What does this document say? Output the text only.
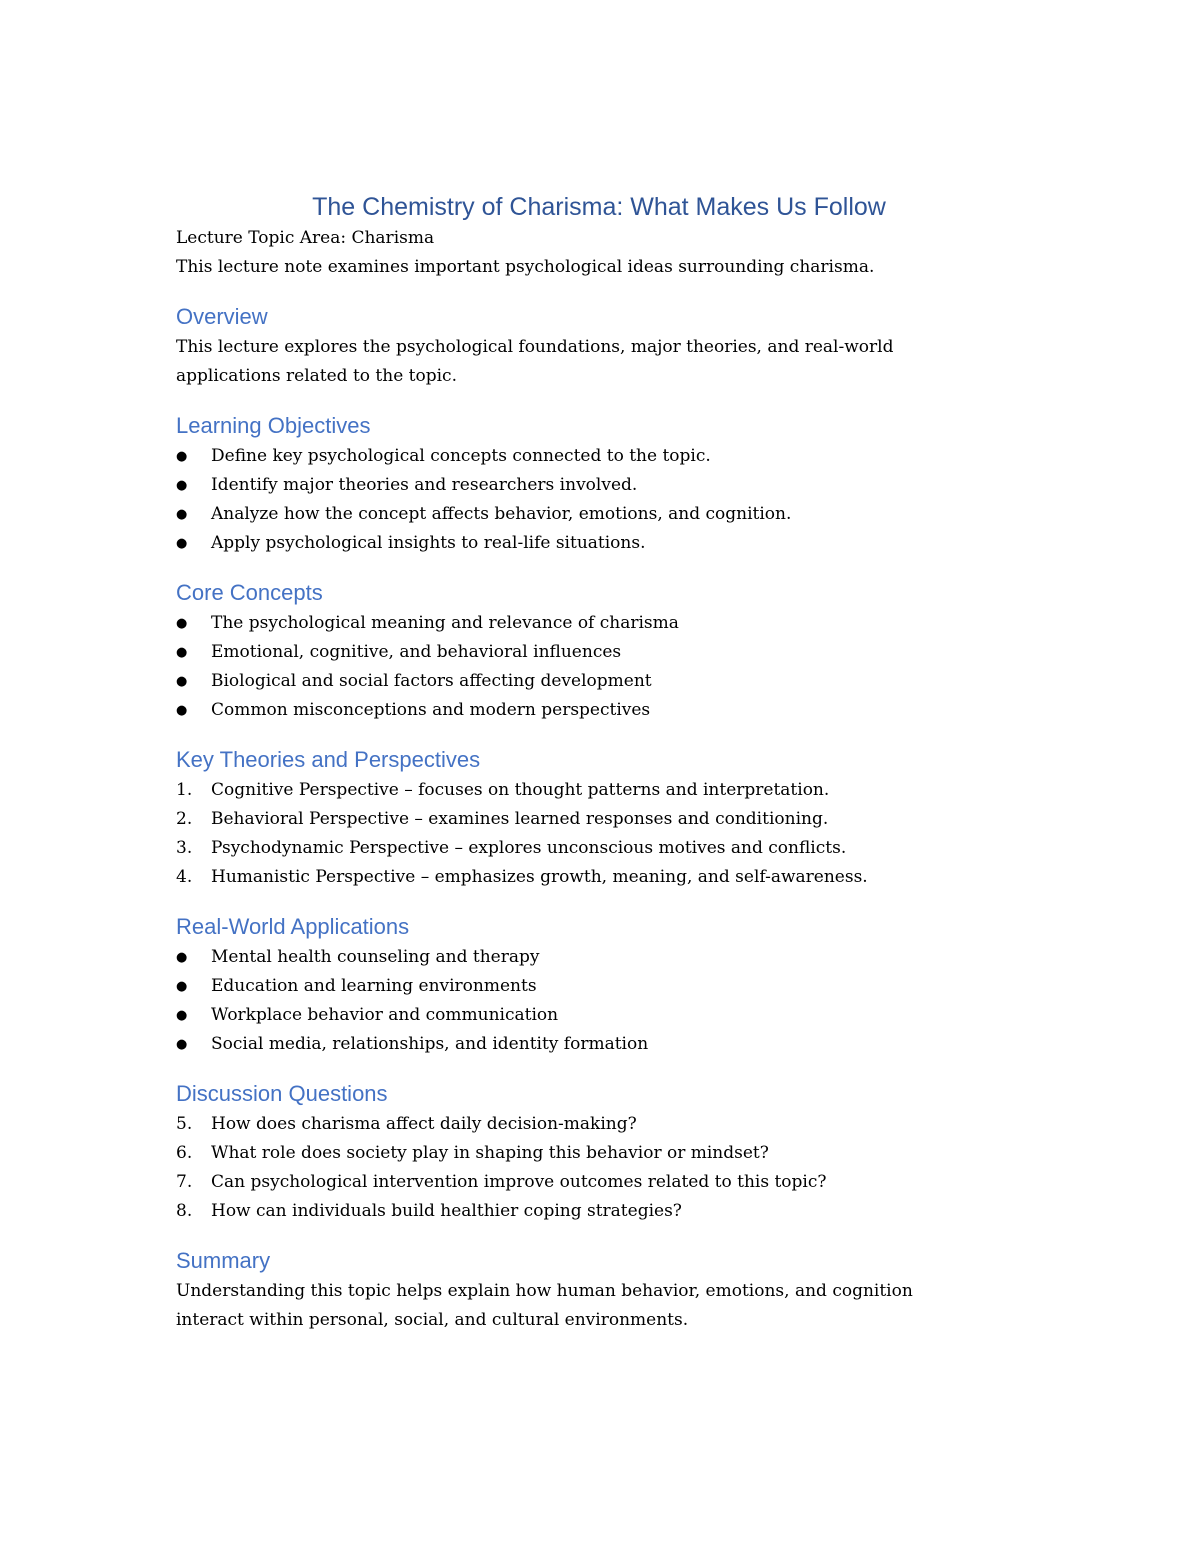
The Chemistry of Charisma: What Makes Us Follow

Lecture Topic Area: Charisma

This lecture note examines important psychological ideas surrounding charisma.

Overview

This lecture explores the psychological foundations, major theories, and real-world applications related to the topic.

Learning Objectives
● Define key psychological concepts connected to the topic.
● Identify major theories and researchers involved.
● Analyze how the concept affects behavior, emotions, and cognition.
● Apply psychological insights to real-life situations.
Core Concepts
● The psychological meaning and relevance of charisma
● Emotional, cognitive, and behavioral influences
● Biological and social factors affecting development
● Common misconceptions and modern perspectives
Key Theories and Perspectives
1. Cognitive Perspective – focuses on thought patterns and interpretation.
2. Behavioral Perspective – examines learned responses and conditioning.
3. Psychodynamic Perspective – explores unconscious motives and conflicts.
4. Humanistic Perspective – emphasizes growth, meaning, and self-awareness.
Real-World Applications
● Mental health counseling and therapy
● Education and learning environments
● Workplace behavior and communication
● Social media, relationships, and identity formation
Discussion Questions
5. How does charisma affect daily decision-making?
6. What role does society play in shaping this behavior or mindset?
7. Can psychological intervention improve outcomes related to this topic?
8. How can individuals build healthier coping strategies?
Summary

Understanding this topic helps explain how human behavior, emotions, and cognition interact within personal, social, and cultural environments.
